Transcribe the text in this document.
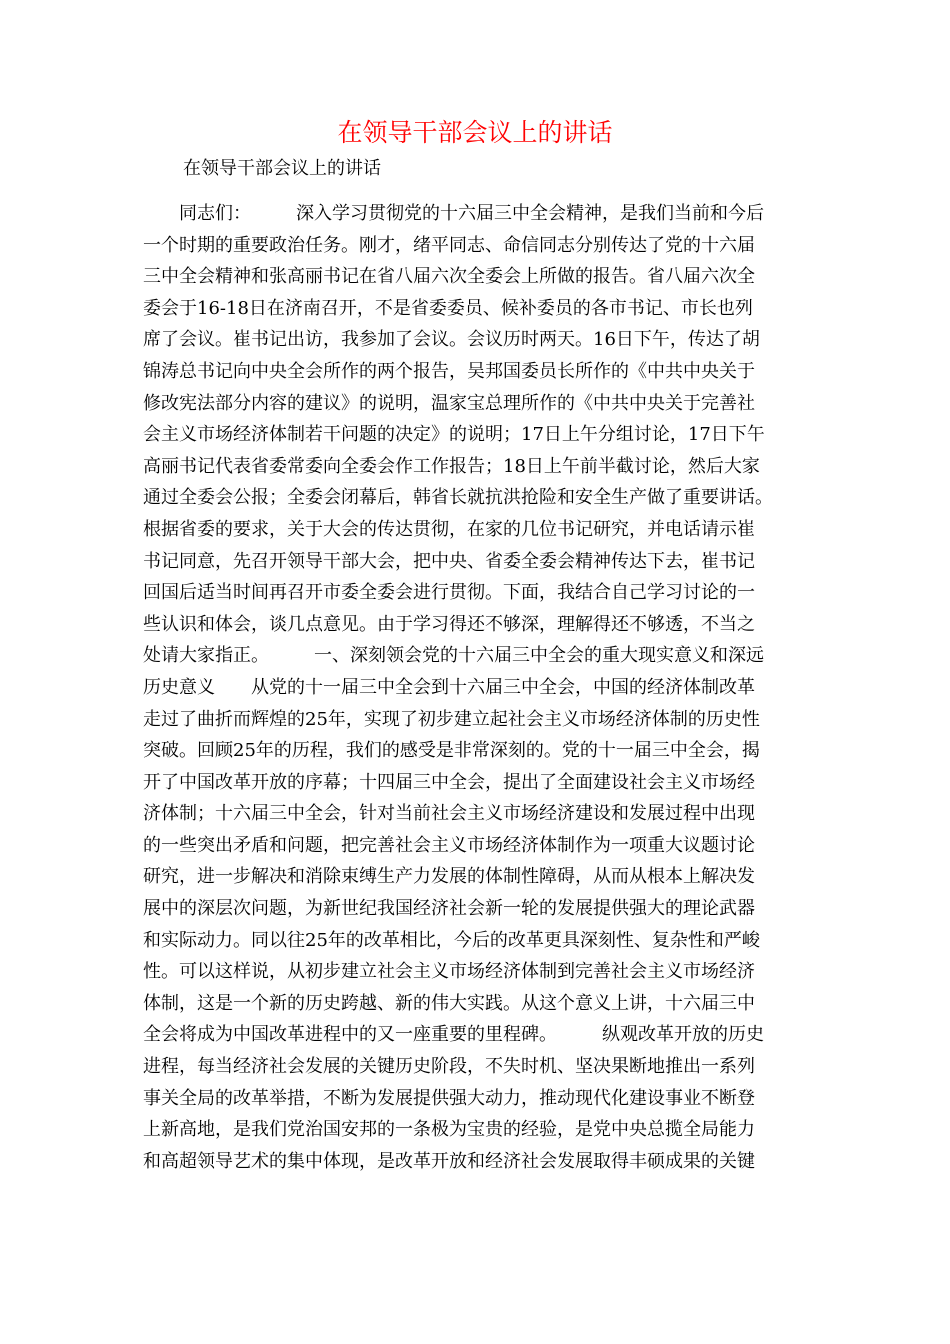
在领导干部会议上的讲话
在领导干部会议上的讲话
　　同志们：　　　深入学习贯彻党的十六届三中全会精神，是我们当前和今后
一个时期的重要政治任务。刚才，绪平同志、命信同志分别传达了党的十六届
三中全会精神和张高丽书记在省八届六次全委会上所做的报告。省八届六次全
委会于16-18日在济南召开，不是省委委员、候补委员的各市书记、市长也列
席了会议。崔书记出访，我参加了会议。会议历时两天。16日下午，传达了胡
锦涛总书记向中央全会所作的两个报告，吴邦国委员长所作的《中共中央关于
修改宪法部分内容的建议》的说明，温家宝总理所作的《中共中央关于完善社
会主义市场经济体制若干问题的决定》的说明；17日上午分组讨论，17日下午
高丽书记代表省委常委向全委会作工作报告；18日上午前半截讨论，然后大家
通过全委会公报；全委会闭幕后，韩省长就抗洪抢险和安全生产做了重要讲话。
根据省委的要求，关于大会的传达贯彻，在家的几位书记研究，并电话请示崔
书记同意，先召开领导干部大会，把中央、省委全委会精神传达下去，崔书记
回国后适当时间再召开市委全委会进行贯彻。下面，我结合自己学习讨论的一
些认识和体会，谈几点意见。由于学习得还不够深，理解得还不够透，不当之
处请大家指正。　　　一、深刻领会党的十六届三中全会的重大现实意义和深远
历史意义　　从党的十一届三中全会到十六届三中全会，中国的经济体制改革
走过了曲折而辉煌的25年，实现了初步建立起社会主义市场经济体制的历史性
突破。回顾25年的历程，我们的感受是非常深刻的。党的十一届三中全会，揭
开了中国改革开放的序幕；十四届三中全会，提出了全面建设社会主义市场经
济体制；十六届三中全会，针对当前社会主义市场经济建设和发展过程中出现
的一些突出矛盾和问题，把完善社会主义市场经济体制作为一项重大议题讨论
研究，进一步解决和消除束缚生产力发展的体制性障碍，从而从根本上解决发
展中的深层次问题，为新世纪我国经济社会新一轮的发展提供强大的理论武器
和实际动力。同以往25年的改革相比，今后的改革更具深刻性、复杂性和严峻
性。可以这样说，从初步建立社会主义市场经济体制到完善社会主义市场经济
体制，这是一个新的历史跨越、新的伟大实践。从这个意义上讲，十六届三中
全会将成为中国改革进程中的又一座重要的里程碑。　　　纵观改革开放的历史
进程，每当经济社会发展的关键历史阶段，不失时机、坚决果断地推出一系列
事关全局的改革举措，不断为发展提供强大动力，推动现代化建设事业不断登
上新高地，是我们党治国安邦的一条极为宝贵的经验，是党中央总揽全局能力
和高超领导艺术的集中体现，是改革开放和经济社会发展取得丰硕成果的关键
